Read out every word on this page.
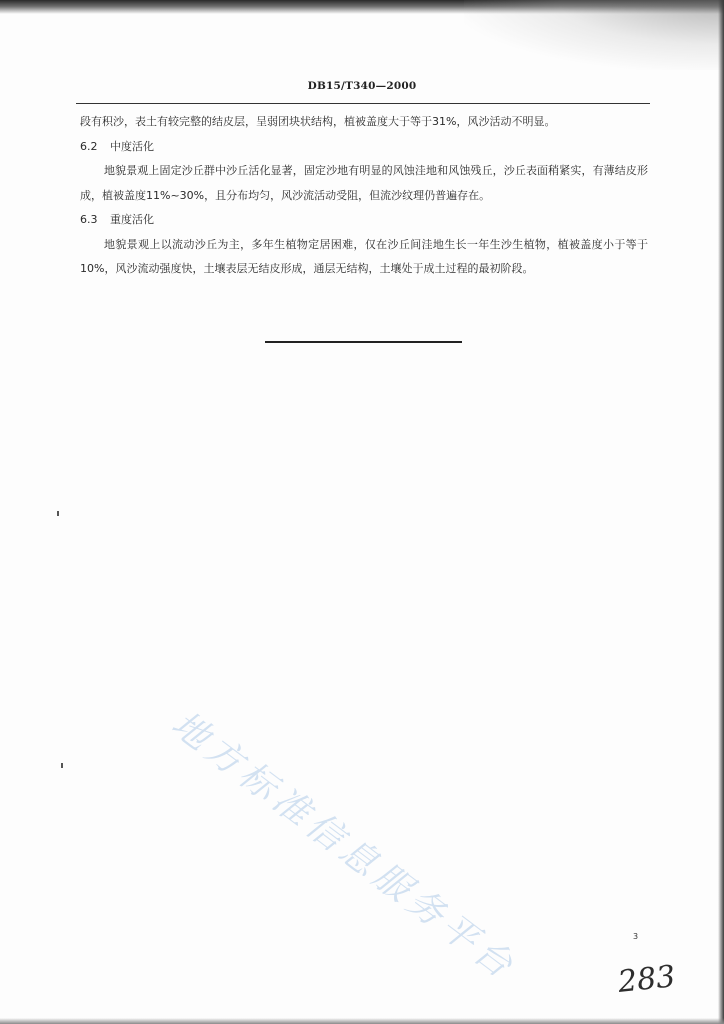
DB15/T340—2000

段有积沙，表土有较完整的结皮层，呈弱团块状结构，植被盖度大于等于31%，风沙活动不明显。

6.2 中度活化

地貌景观上固定沙丘群中沙丘活化显著，固定沙地有明显的风蚀洼地和风蚀残丘，沙丘表面稍紧实，有薄结皮形成，植被盖度11%~30%，且分布均匀，风沙流活动受阻，但流沙纹理仍普遍存在。

6.3 重度活化

地貌景观上以流动沙丘为主，多年生植物定居困难，仅在沙丘间洼地生长一年生沙生植物，植被盖度小于等于10%，风沙流动强度快，土壤表层无结皮形成，通层无结构，土壤处于成土过程的最初阶段。

地方标准信息服务平台	3
283
